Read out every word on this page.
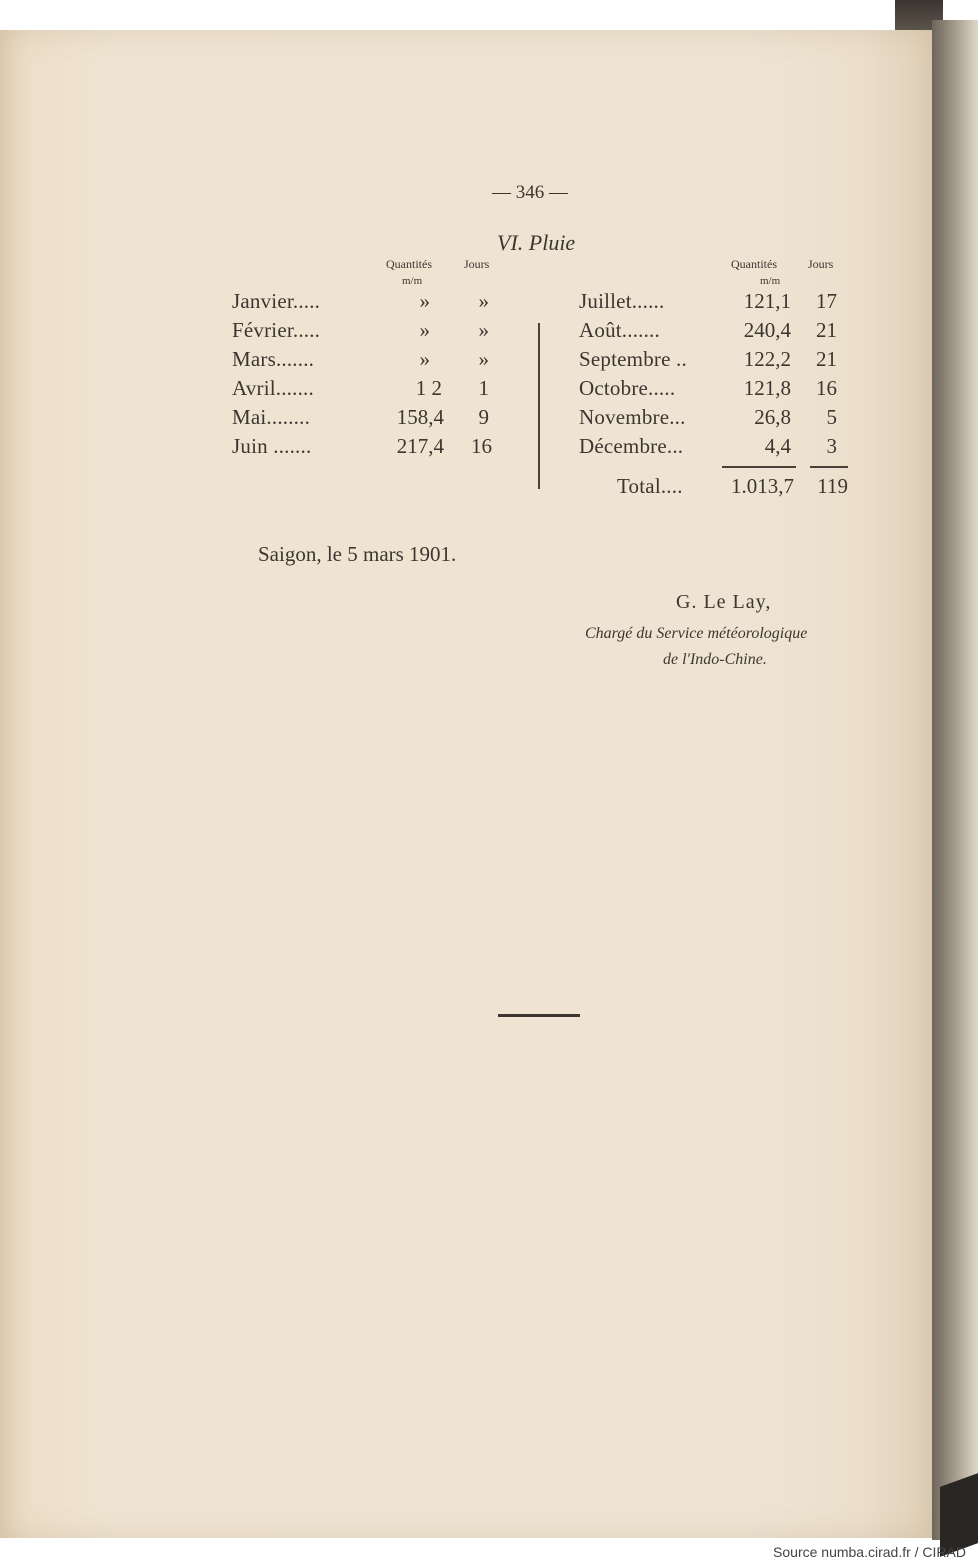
— 346 —
VI. Pluie
Quantités	Jours
m/m
Quantités	Jours
m/m
Janvier.....	»	»
Février.....	»	»
Mars.......	»	»
Avril.......	1 2	1
Mai........	158,4	9
Juin .......	217,4	16
Juillet......	121,1	17
Août.......	240,4	21
Septembre ..	122,2	21
Octobre.....	121,8	16
Novembre...	26,8	5
Décembre...	4,4	3
Total....	1.013,7	119
Saigon, le 5 mars 1901.
G. Le Lay,
Chargé du Service météorologique
de l'Indo-Chine.
Source numba.cirad.fr / CIRAD
